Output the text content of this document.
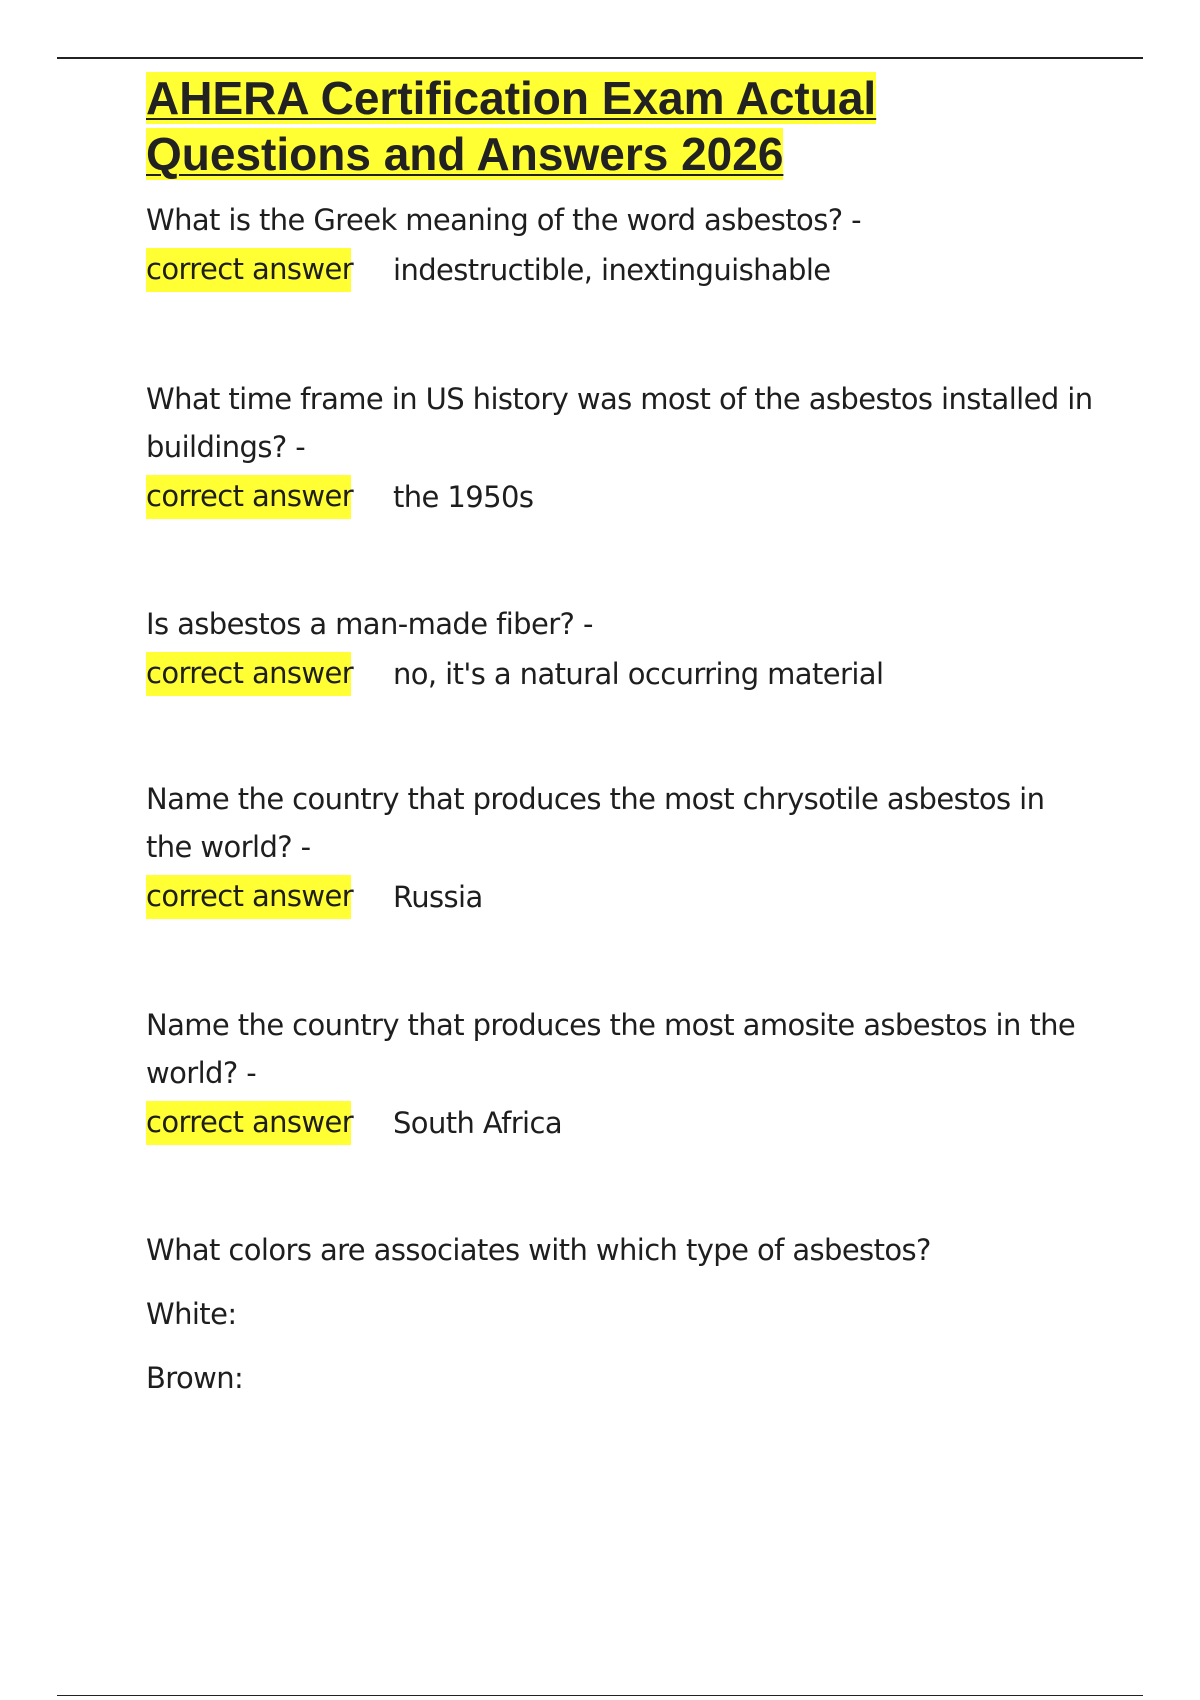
AHERA Certification Exam Actual
Questions and Answers 2026

What is the Greek meaning of the word asbestos? -

correct answer indestructible, inextinguishable

What time frame in US history was most of the asbestos installed in buildings? -

correct answer the 1950s

Is asbestos a man-made fiber? -

correct answer no, it's a natural occurring material

Name the country that produces the most chrysotile asbestos in the world? -

correct answer Russia

Name the country that produces the most amosite asbestos in the world? -

correct answer South Africa

What colors are associates with which type of asbestos?

White:

Brown:
